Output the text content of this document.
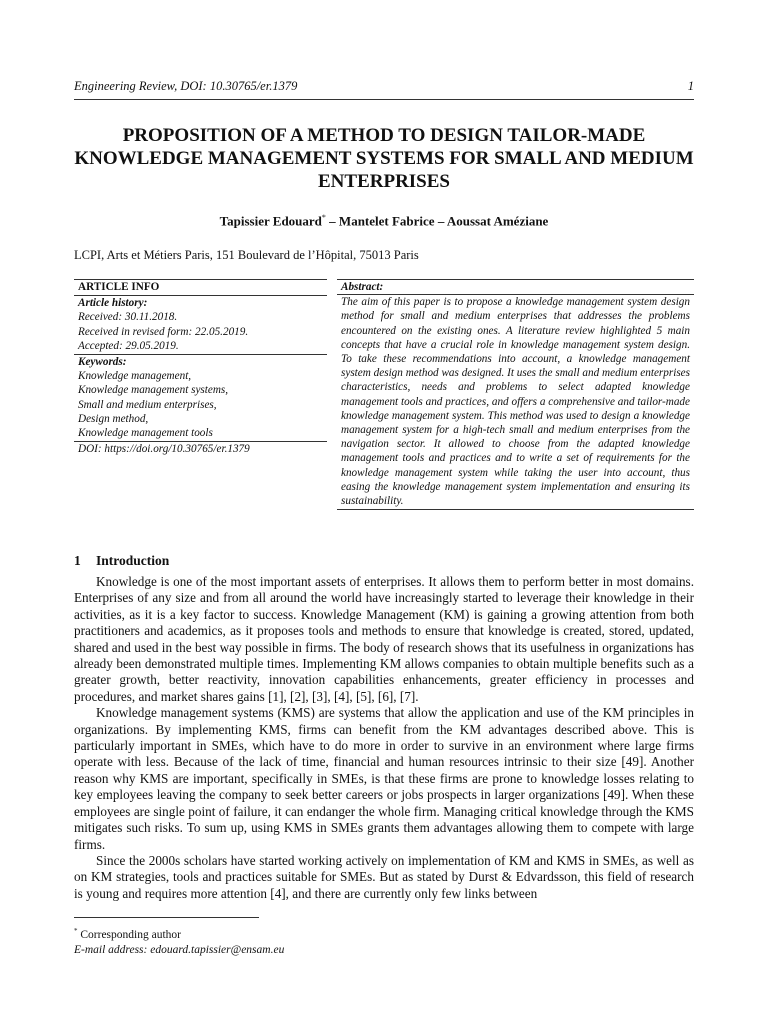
Engineering Review, DOI: 10.30765/er.1379	1
PROPOSITION OF A METHOD TO DESIGN TAILOR-MADE KNOWLEDGE MANAGEMENT SYSTEMS FOR SMALL AND MEDIUM ENTERPRISES
Tapissier Edouard* – Mantelet Fabrice – Aoussat Améziane
LCPI, Arts et Métiers Paris, 151 Boulevard de l’Hôpital, 75013 Paris
ARTICLE INFO
Article history:
Received: 30.11.2018.
Received in revised form: 22.05.2019.
Accepted: 29.05.2019.
Keywords:
Knowledge management,
Knowledge management systems,
Small and medium enterprises,
Design method,
Knowledge management tools
DOI: https://doi.org/10.30765/er.1379
Abstract:
The aim of this paper is to propose a knowledge management system design method for small and medium enterprises that addresses the problems encountered on the existing ones. A literature review highlighted 5 main concepts that have a crucial role in knowledge management system design. To take these recommendations into account, a knowledge management system design method was designed. It uses the small and medium enterprises characteristics, needs and problems to select adapted knowledge management tools and practices, and offers a comprehensive and tailor-made knowledge management system. This method was used to design a knowledge management system for a high-tech small and medium enterprises from the navigation sector. It allowed to choose from the adapted knowledge management tools and practices and to write a set of requirements for the knowledge management system while taking the user into account, thus easing the knowledge management system implementation and ensuring its sustainability.
1 Introduction

Knowledge is one of the most important assets of enterprises. It allows them to perform better in most domains. Enterprises of any size and from all around the world have increasingly started to leverage their knowledge in their activities, as it is a key factor to success. Knowledge Management (KM) is gaining a growing attention from both practitioners and academics, as it proposes tools and methods to ensure that knowledge is created, stored, updated, shared and used in the best way possible in firms. The body of research shows that its usefulness in organizations has already been demonstrated multiple times. Implementing KM allows companies to obtain multiple benefits such as a greater growth, better reactivity, innovation capabilities enhancements, greater efficiency in processes and procedures, and market shares gains [1], [2], [3], [4], [5], [6], [7].

Knowledge management systems (KMS) are systems that allow the application and use of the KM principles in organizations. By implementing KMS, firms can benefit from the KM advantages described above. This is particularly important in SMEs, which have to do more in order to survive in an environment where large firms operate with less. Because of the lack of time, financial and human resources intrinsic to their size [49]. Another reason why KMS are important, specifically in SMEs, is that these firms are prone to knowledge losses relating to key employees leaving the company to seek better careers or jobs prospects in larger organizations [49]. When these employees are single point of failure, it can endanger the whole firm. Managing critical knowledge through the KMS mitigates such risks. To sum up, using KMS in SMEs grants them advantages allowing them to compete with large firms.

Since the 2000s scholars have started working actively on implementation of KM and KMS in SMEs, as well as on KM strategies, tools and practices suitable for SMEs. But as stated by Durst & Edvardsson, this field of research is young and requires more attention [4], and there are currently only few links between

* Corresponding author
E-mail address: edouard.tapissier@ensam.eu
